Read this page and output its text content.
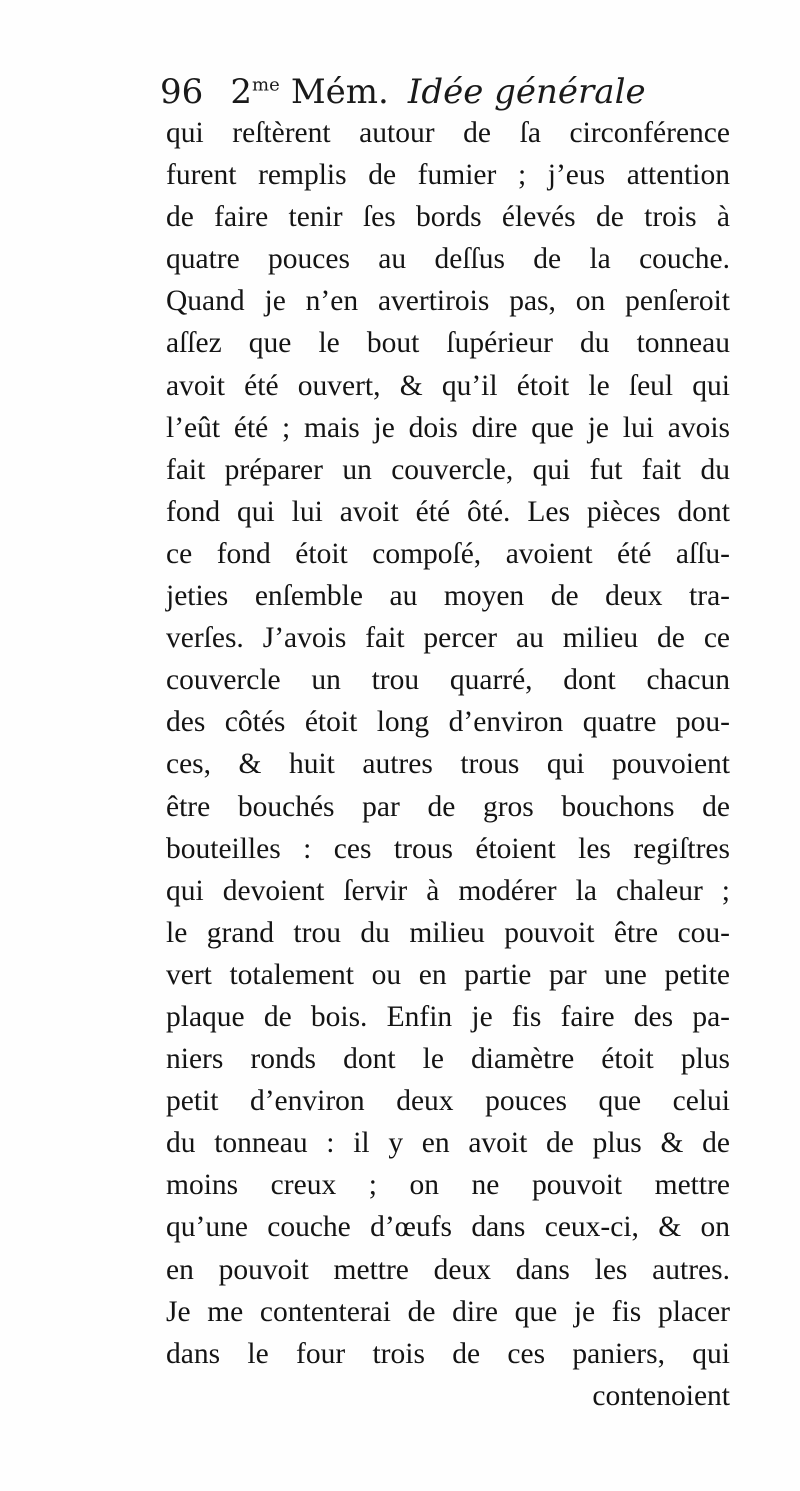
96 $2^{me}$ Mém. Idée générale
qui reſtèrent autour de ſa circonférence
furent remplis de fumier ; j’eus attention
de faire tenir ſes bords élevés de trois à
quatre pouces au deſſus de la couche.
Quand je n’en avertirois pas, on penſeroit
aſſez que le bout ſupérieur du tonneau
avoit été ouvert, & qu’il étoit le ſeul qui
l’eût été ; mais je dois dire que je lui avois
fait préparer un couvercle, qui fut fait du
fond qui lui avoit été ôté. Les pièces dont
ce fond étoit compoſé, avoient été aſſu-
jeties enſemble au moyen de deux tra-
verſes. J’avois fait percer au milieu de ce
couvercle un trou quarré, dont chacun
des côtés étoit long d’environ quatre pou-
ces, & huit autres trous qui pouvoient
être bouchés par de gros bouchons de
bouteilles : ces trous étoient les regiſtres
qui devoient ſervir à modérer la chaleur ;
le grand trou du milieu pouvoit être cou-
vert totalement ou en partie par une petite
plaque de bois. Enfin je fis faire des pa-
niers ronds dont le diamètre étoit plus
petit d’environ deux pouces que celui
du tonneau : il y en avoit de plus & de
moins creux ; on ne pouvoit mettre
qu’une couche d’œufs dans ceux-ci, & on
en pouvoit mettre deux dans les autres.
Je me contenterai de dire que je fis placer
dans le four trois de ces paniers, qui
contenoient
